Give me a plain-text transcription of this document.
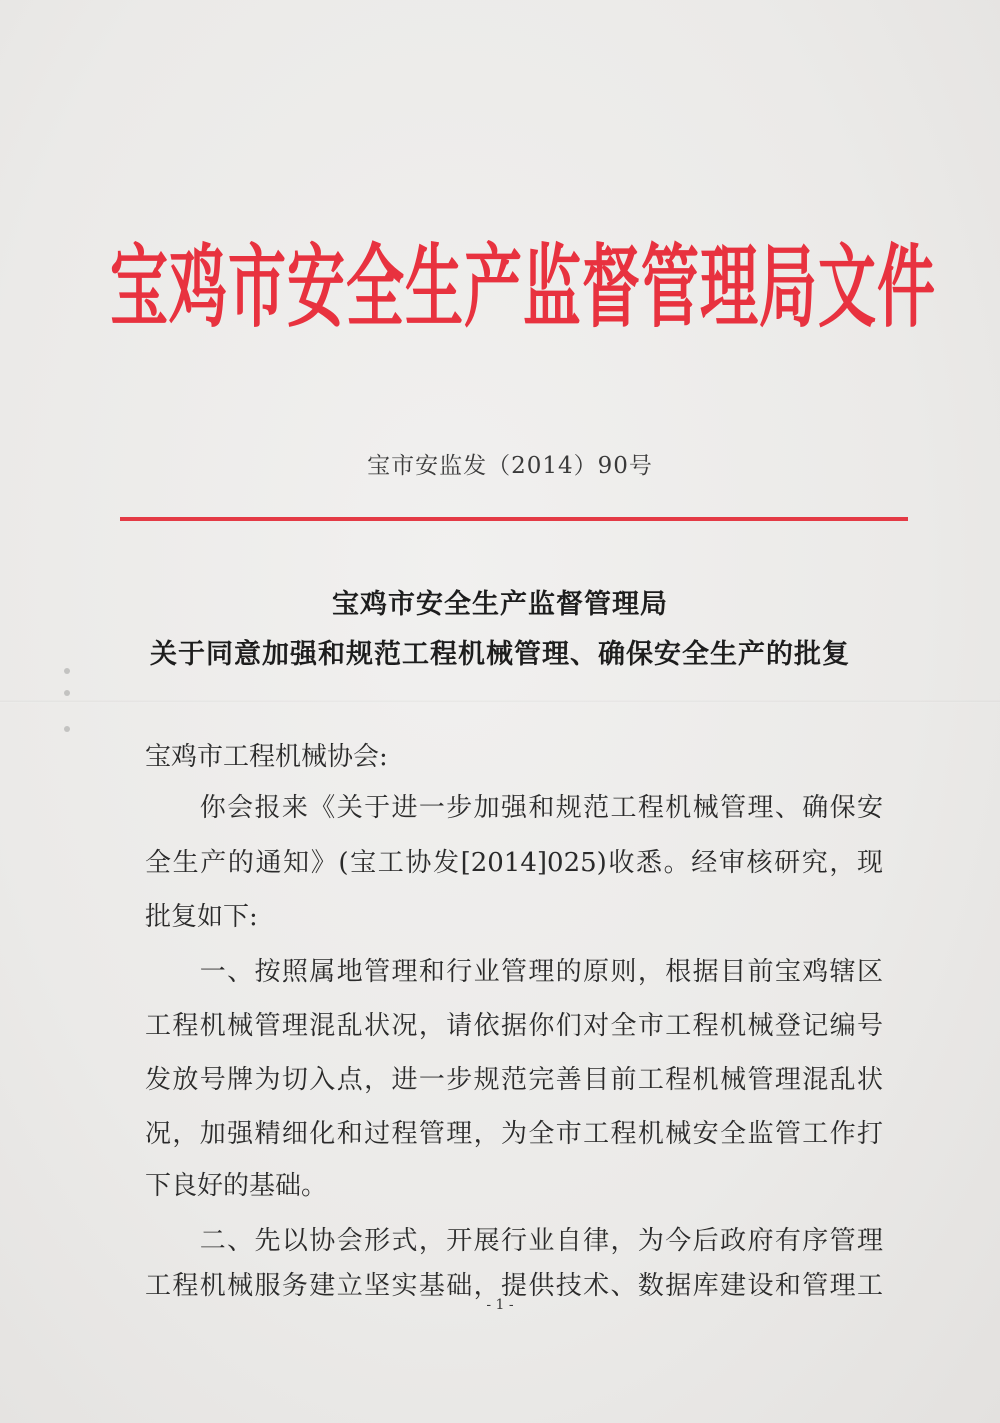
宝鸡市安全生产监督管理局文件
宝市安监发（2014）90号
宝鸡市安全生产监督管理局
关于同意加强和规范工程机械管理、确保安全生产的批复
宝鸡市工程机械协会:
　　你会报来《关于进一步加强和规范工程机械管理、确保安
全生产的通知》(宝工协发[2014]025)收悉。经审核研究，现
批复如下:
　　一、按照属地管理和行业管理的原则，根据目前宝鸡辖区
工程机械管理混乱状况，请依据你们对全市工程机械登记编号
发放号牌为切入点，进一步规范完善目前工程机械管理混乱状
况，加强精细化和过程管理，为全市工程机械安全监管工作打
下良好的基础。
　　二、先以协会形式，开展行业自律，为今后政府有序管理
工程机械服务建立坚实基础，提供技术、数据库建设和管理工
- 1 -
